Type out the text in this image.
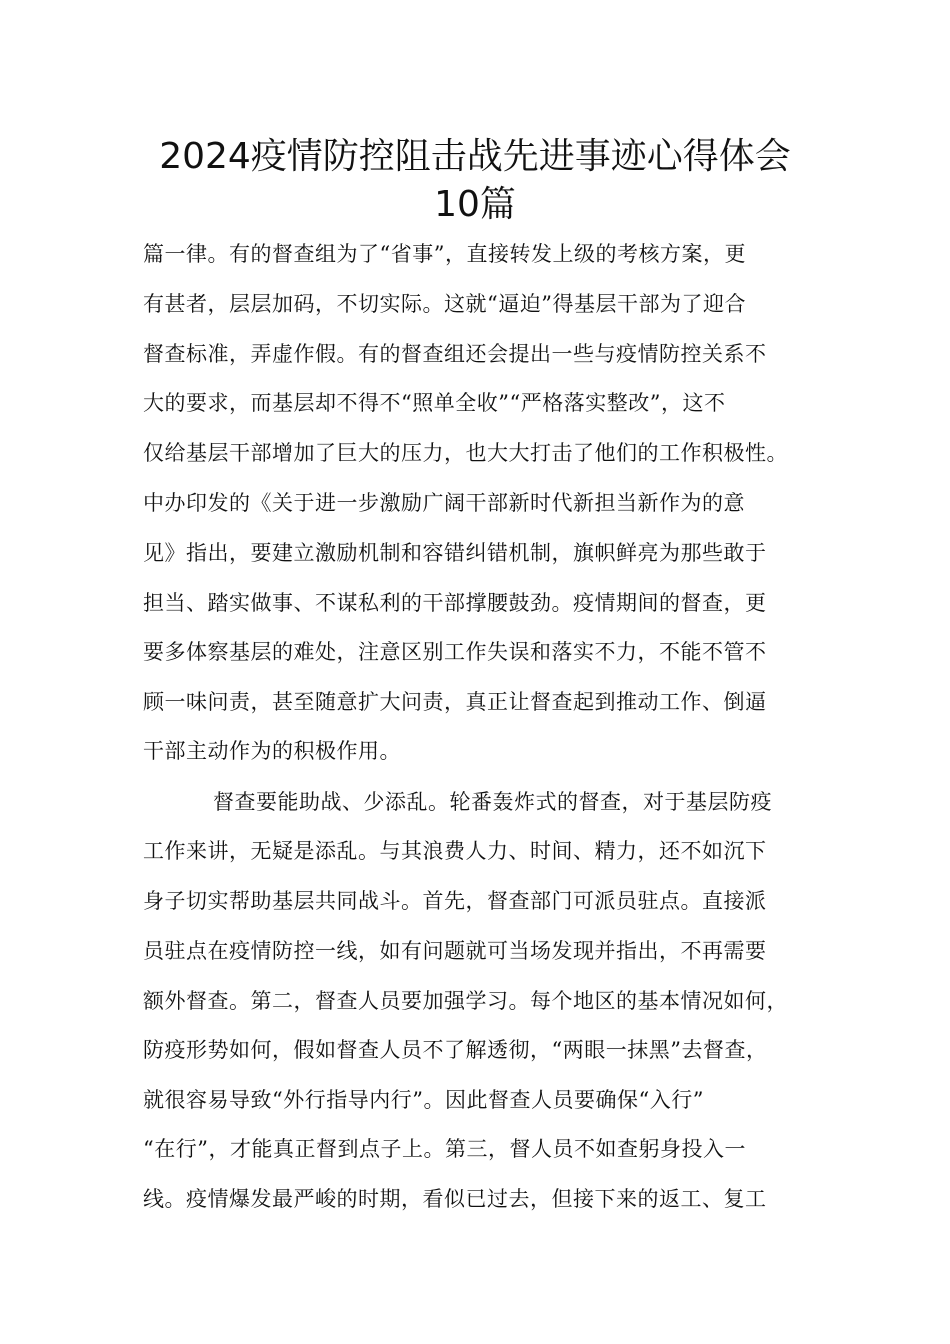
2024疫情防控阻击战先进事迹心得体会
10篇
篇一律。有的督查组为了“省事”，直接转发上级的考核方案，更
有甚者，层层加码，不切实际。这就“逼迫”得基层干部为了迎合
督查标准，弄虚作假。有的督查组还会提出一些与疫情防控关系不
大的要求，而基层却不得不“照单全收”“严格落实整改”，这不
仅给基层干部增加了巨大的压力，也大大打击了他们的工作积极性。
中办印发的《关于进一步激励广阔干部新时代新担当新作为的意
见》指出，要建立激励机制和容错纠错机制，旗帜鲜亮为那些敢于
担当、踏实做事、不谋私利的干部撑腰鼓劲。疫情期间的督查，更
要多体察基层的难处，注意区别工作失误和落实不力，不能不管不
顾一味问责，甚至随意扩大问责，真正让督查起到推动工作、倒逼
干部主动作为的积极作用。
督查要能助战、少添乱。轮番轰炸式的督查，对于基层防疫
工作来讲，无疑是添乱。与其浪费人力、时间、精力，还不如沉下
身子切实帮助基层共同战斗。首先，督查部门可派员驻点。直接派
员驻点在疫情防控一线，如有问题就可当场发现并指出，不再需要
额外督查。第二，督查人员要加强学习。每个地区的基本情况如何，
防疫形势如何，假如督查人员不了解透彻，“两眼一抹黑”去督查，
就很容易导致“外行指导内行”。因此督查人员要确保“入行”
“在行”，才能真正督到点子上。第三，督人员不如查躬身投入一
线。疫情爆发最严峻的时期，看似已过去，但接下来的返工、复工
